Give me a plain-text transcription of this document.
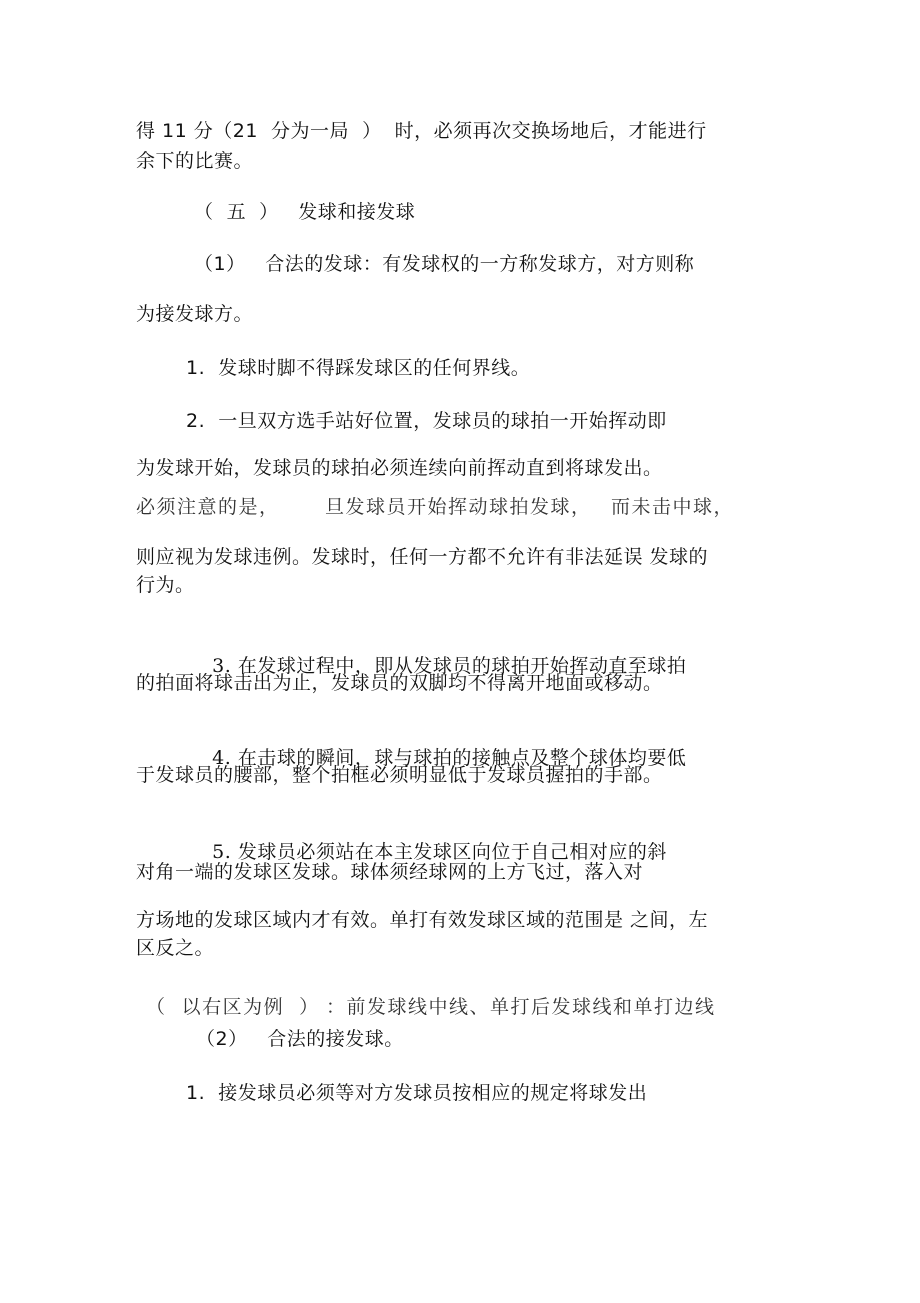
得 11 分（21  分为一局  ）  时，必须再次交换场地后，才能进行
余下的比赛。
（  五  ）   发球和接发球
（1）   合法的发球：有发球权的一方称发球方，对方则称
为接发球方。
1.  发球时脚不得踩发球区的任何界线。
2.  一旦双方选手站好位置，发球员的球拍一开始挥动即
为发球开始，发球员的球拍必须连续向前挥动直到将球发出。
必须注意的是， 旦发球员开始挥动球拍发球， 而未击中球，
则应视为发球违例。发球时，任何一方都不允许有非法延误 发球的
行为。

3. 在发球过程中，即从发球员的球拍开始挥动直至球拍

的拍面将球击出为止，发球员的双脚均不得离开地面或移动。

4. 在击球的瞬间，球与球拍的接触点及整个球体均要低

于发球员的腰部，整个拍框必须明显低于发球员握拍的手部。

5. 发球员必须站在本主发球区向位于自己相对应的斜

对角一端的发球区发球。球体须经球网的上方飞过，落入对
方场地的发球区域内才有效。单打有效发球区域的范围是 之间，左
区反之。
（  以右区为例  ） ：前发球线中线、单打后发球线和单打边线
（2）   合法的接发球。
1.  接发球员必须等对方发球员按相应的规定将球发出
